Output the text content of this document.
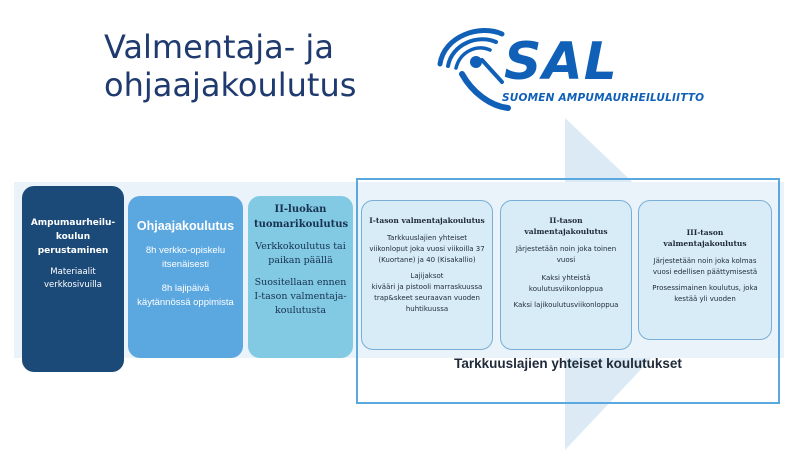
Valmentaja- ja
ohjaajakoulutus	SAL
SUOMEN AMPUMAURHEILULIITTO
Ampumaurheilu-koulun perustaminen
Materiaalit verkkosivuilla
Ohjaajakoulutus
8h verkko-opiskelu itsenäisesti
8h lajipäivä käytännössä oppimista
II-luokan tuomarikoulutus
Verkkokoulutus tai paikan päällä
Suositellaan ennen I-tason valmentaja-koulutusta
I-tason valmentajakoulutus
Tarkkuuslajien yhteiset viikonloput joka vuosi viikoilla 37 (Kuortane) ja 40 (Kisakallio)
Lajijaksot
kivääri ja pistooli marraskuussa trap&skeet seuraavan vuoden huhtikuussa
II-tason valmentajakoulutus
Järjestetään noin joka toinen vuosi
Kaksi yhteistä koulutusviikonloppua
Kaksi lajikoulutusviikonloppua
III-tason valmentajakoulutus
Järjestetään noin joka kolmas vuosi edellisen päättymisestä
Prosessimainen koulutus, joka kestää yli vuoden
Tarkkuuslajien yhteiset koulutukset
